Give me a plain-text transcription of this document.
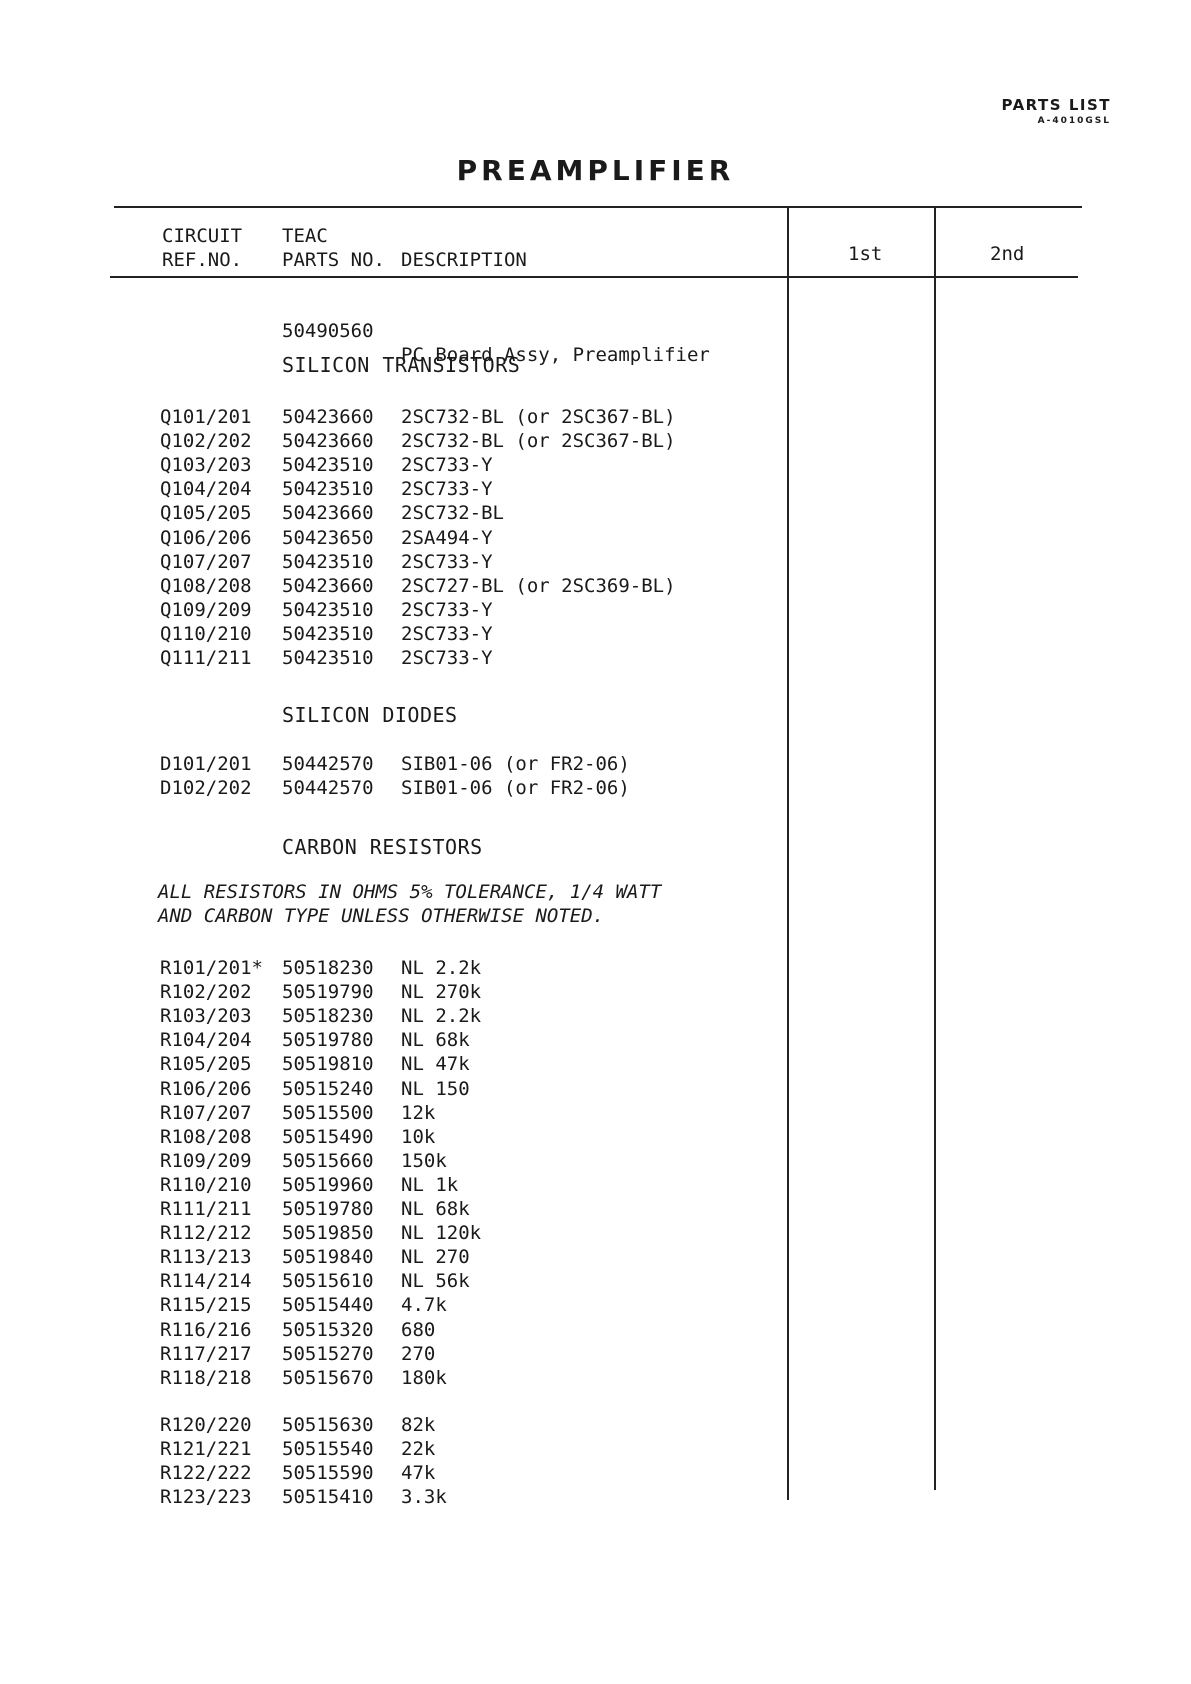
PARTS LIST
A-4010GSL
PREAMPLIFIER
CIRCUIT
REF.NO.
TEAC
PARTS NO. DESCRIPTION	1st	2nd

50490560

PC Board Assy, Preamplifier

SILICON TRANSISTORS
Q101/201 50423660 2SC732-BL (or 2SC367-BL)
Q102/202 50423660 2SC732-BL (or 2SC367-BL)
Q103/203 50423510 2SC733-Y
Q104/204 50423510 2SC733-Y
Q105/205 50423660 2SC732-BL
Q106/206 50423650 2SA494-Y
Q107/207 50423510 2SC733-Y
Q108/208 50423660 2SC727-BL (or 2SC369-BL)
Q109/209 50423510 2SC733-Y
Q110/210 50423510 2SC733-Y
Q111/211 50423510 2SC733-Y
SILICON DIODES
D101/201 50442570 SIB01-06 (or FR2-06)
D102/202 50442570 SIB01-06 (or FR2-06)
CARBON RESISTORS
ALL RESISTORS IN OHMS 5% TOLERANCE, 1/4 WATT
AND CARBON TYPE UNLESS OTHERWISE NOTED.
R101/201* 50518230 NL 2.2k
R102/202 50519790 NL 270k
R103/203 50518230 NL 2.2k
R104/204 50519780 NL 68k
R105/205 50519810 NL 47k
R106/206 50515240 NL 150
R107/207 50515500 12k
R108/208 50515490 10k
R109/209 50515660 150k
R110/210 50519960 NL 1k
R111/211 50519780 NL 68k
R112/212 50519850 NL 120k
R113/213 50519840 NL 270
R114/214 50515610 NL 56k
R115/215 50515440 4.7k
R116/216 50515320 680
R117/217 50515270 270
R118/218 50515670 180k
R120/220 50515630 82k
R121/221 50515540 22k
R122/222 50515590 47k
R123/223 50515410 3.3k
